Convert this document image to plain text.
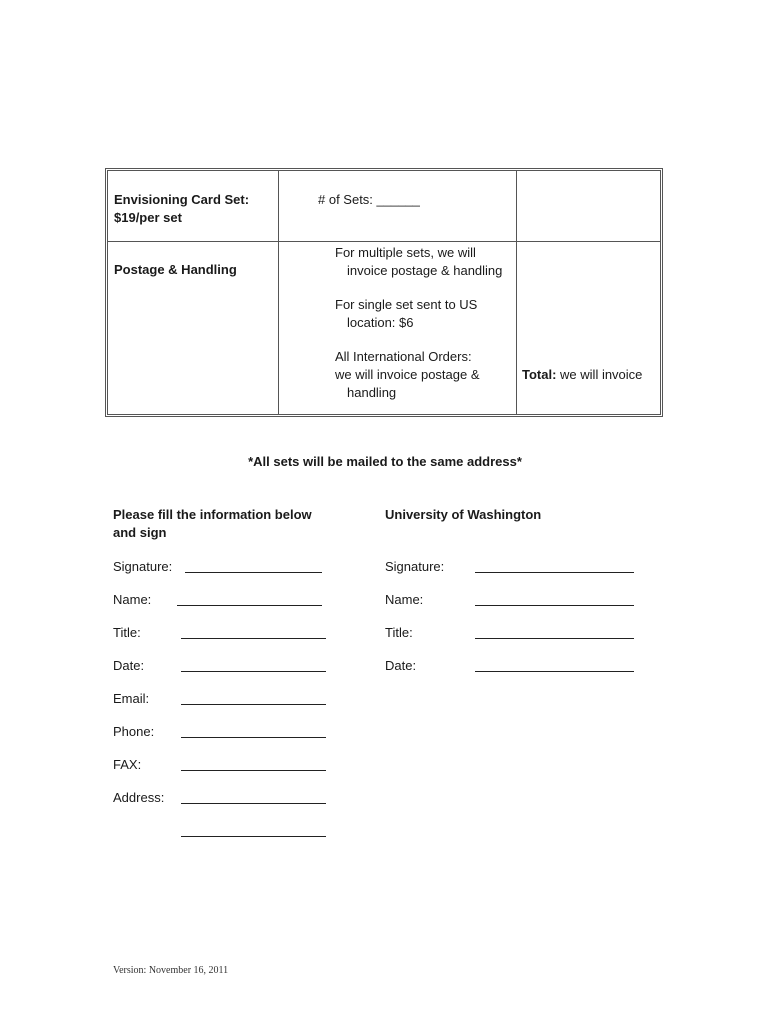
Envisioning Card Set:
$19/per set
# of Sets: ______
Postage & Handling
For multiple sets, we will
invoice postage & handling
For single set sent to US
location: $6
All International Orders:
we will invoice postage &
handling
Total: we will invoice
*All sets will be mailed to the same address*
Please fill the information below
and sign
Signature:
Name:
Title:
Date:
Email:
Phone:
FAX:
Address:
University of Washington
Signature:
Name:
Title:
Date:
Version: November 16, 2011
